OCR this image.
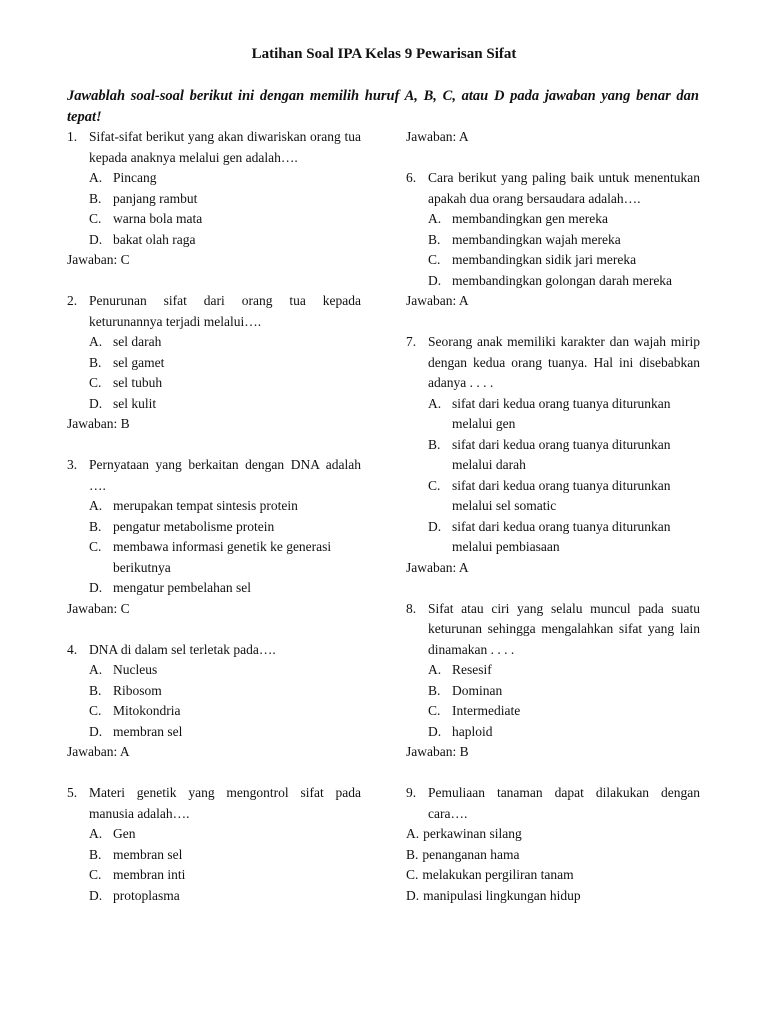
Latihan Soal IPA Kelas 9 Pewarisan Sifat

Jawablah soal-soal berikut ini dengan memilih huruf A, B, C, atau D pada jawaban yang benar dan tepat!

1. Sifat-sifat berikut yang akan diwariskan orang tua kepada anaknya melalui gen adalah….
A. Pincang
B. panjang rambut
C. warna bola mata
D. bakat olah raga
Jawaban: C
2. Penurunan sifat dari orang tua kepada keturunannya terjadi melalui….
A. sel darah
B. sel gamet
C. sel tubuh
D. sel kulit
Jawaban: B
3. Pernyataan yang berkaitan dengan DNA adalah ….
A. merupakan tempat sintesis protein
B. pengatur metabolisme protein
C. membawa informasi genetik ke generasi berikutnya
D. mengatur pembelahan sel
Jawaban: C
4. DNA di dalam sel terletak pada….
A. Nucleus
B. Ribosom
C. Mitokondria
D. membran sel
Jawaban: A
5. Materi genetik yang mengontrol sifat pada manusia adalah….
A. Gen
B. membran sel
C. membran inti
D. protoplasma
Jawaban: A
6. Cara berikut yang paling baik untuk menentukan apakah dua orang bersaudara adalah….
A. membandingkan gen mereka
B. membandingkan wajah mereka
C. membandingkan sidik jari mereka
D. membandingkan golongan darah mereka
Jawaban: A
7. Seorang anak memiliki karakter dan wajah mirip dengan kedua orang tuanya. Hal ini disebabkan adanya . . . .
A. sifat dari kedua orang tuanya diturunkan melalui gen
B. sifat dari kedua orang tuanya diturunkan melalui darah
C. sifat dari kedua orang tuanya diturunkan melalui sel somatic
D. sifat dari kedua orang tuanya diturunkan melalui pembiasaan
Jawaban: A
8. Sifat atau ciri yang selalu muncul pada suatu keturunan sehingga mengalahkan sifat yang lain dinamakan . . . .
A. Resesif
B. Dominan
C. Intermediate
D. haploid
Jawaban: B
9. Pemuliaan tanaman dapat dilakukan dengan cara….
A. perkawinan silang
B. penanganan hama
C. melakukan pergiliran tanam
D. manipulasi lingkungan hidup
